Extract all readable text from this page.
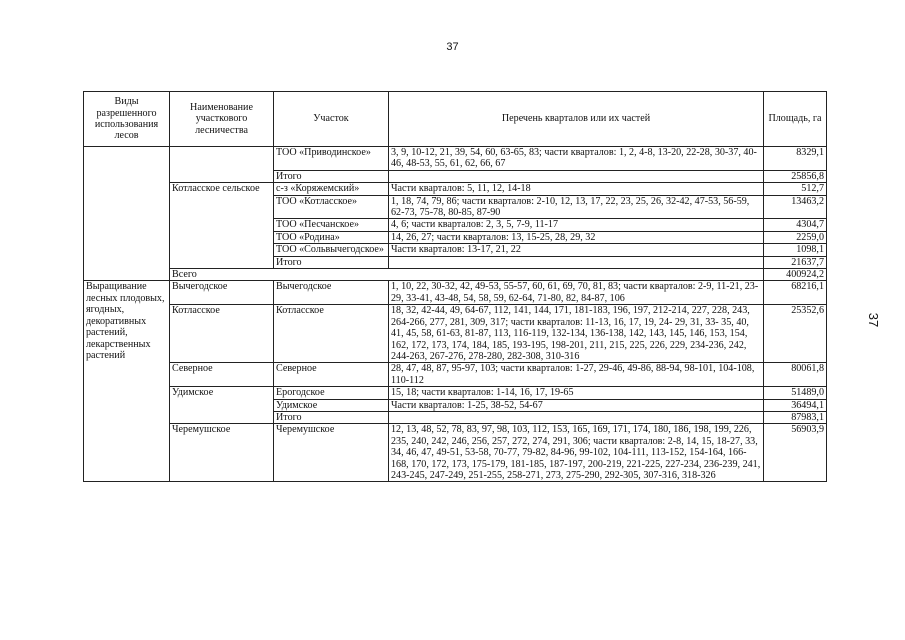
37
37
Виды разрешенного использования лесов	Наименование участкового лесничества	Участок	Перечень кварталов или их частей	Площадь, га
		ТОО «Приводинское»	3, 9, 10-12, 21, 39, 54, 60, 63-65, 83; части кварталов: 1, 2, 4-8, 13-20, 22-28, 30-37, 40-46, 48-53, 55, 61, 62, 66, 67	8329,1
		Итого		25856,8
	Котласское сельское	с-з «Коряжемский»	Части кварталов: 5, 11, 12, 14-18	512,7
		ТОО «Котласское»	1, 18, 74, 79, 86; части кварталов: 2-10, 12, 13, 17, 22, 23, 25, 26, 32-42, 47-53, 56-59, 62-73, 75-78, 80-85, 87-90	13463,2
		ТОО «Песчанское»	4, 6; части кварталов: 2, 3, 5, 7-9, 11-17	4304,7
		ТОО «Родина»	14, 26, 27; части кварталов: 13, 15-25, 28, 29, 32	2259,0
		ТОО «Сольвычегодское»	Части кварталов: 13-17, 21, 22	1098,1
		Итого		21637,7
	Всего			400924,2
Выращивание лесных плодовых, ягодных, декоративных растений, лекарственных растений	Вычегодское	Вычегодское	1, 10, 22, 30-32, 42, 49-53, 55-57, 60, 61, 69, 70, 81, 83; части кварталов: 2-9, 11-21, 23-29, 33-41, 43-48, 54, 58, 59, 62-64, 71-80, 82, 84-87, 106	68216,1
	Котласское	Котласское	18, 32, 42-44, 49, 64-67, 112, 141, 144, 171, 181-183, 196, 197, 212-214, 227, 228, 243, 264-266, 277, 281, 309, 317; части кварталов: 11-13, 16, 17, 19, 24- 29, 31, 33- 35, 40, 41, 45, 58, 61-63, 81-87, 113, 116-119, 132-134, 136-138, 142, 143, 145, 146, 153, 154, 162, 172, 173, 174, 184, 185, 193-195, 198-201, 211, 215, 225, 226, 229, 234-236, 242, 244-263, 267-276, 278-280, 282-308, 310-316	25352,6
	Северное	Северное	28, 47, 48, 87, 95-97, 103; части кварталов: 1-27, 29-46, 49-86, 88-94, 98-101, 104-108, 110-112	80061,8
	Удимское	Ерогодское	15, 18; части кварталов: 1-14, 16, 17, 19-65	51489,0
		Удимское	Части кварталов: 1-25, 38-52, 54-67	36494,1
		Итого		87983,1
	Черемушское	Черемушское	12, 13, 48, 52, 78, 83, 97, 98, 103, 112, 153, 165, 169, 171, 174, 180, 186, 198, 199, 226, 235, 240, 242, 246, 256, 257, 272, 274, 291, 306; части кварталов: 2-8, 14, 15, 18-27, 33, 34, 46, 47, 49-51, 53-58, 70-77, 79-82, 84-96, 99-102, 104-111, 113-152, 154-164, 166-168, 170, 172, 173, 175-179, 181-185, 187-197, 200-219, 221-225, 227-234, 236-239, 241, 243-245, 247-249, 251-255, 258-271, 273, 275-290, 292-305, 307-316, 318-326	56903,9
